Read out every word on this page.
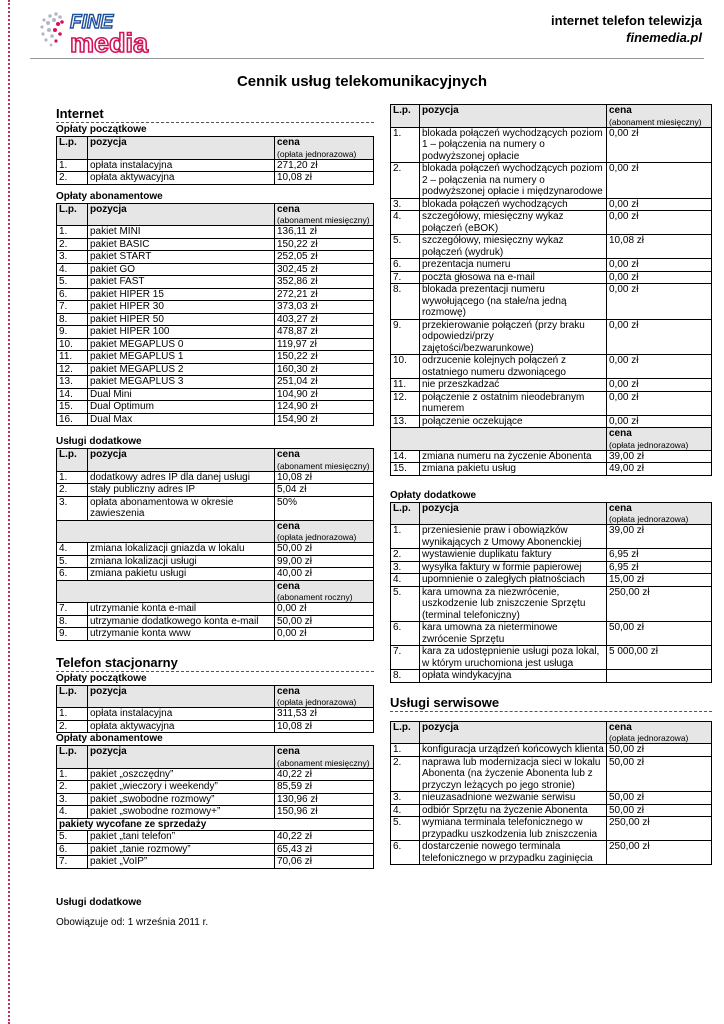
FINE
media
internet telefon telewizja
finemedia.pl
Cennik usług telekomunikacyjnych
Internet
Opłaty początkowe
L.p.	pozycja	cena
(opłata jednorazowa)

1.	opłata instalacyjna	271,20 zł
2.	opłata aktywacyjna	10,08 zł
Opłaty abonamentowe
L.p.	pozycja	cena
(abonament miesięczny)

1.	pakiet MINI	136,11 zł
2.	pakiet BASIC	150,22 zł
3.	pakiet START	252,05 zł
4.	pakiet GO	302,45 zł
5.	pakiet FAST	352,86 zł
6.	pakiet HIPER 15	272,21 zł
7.	pakiet HIPER 30	373,03 zł
8.	pakiet HIPER 50	403,27 zł
9.	pakiet HIPER 100	478,87 zł
10.	pakiet MEGAPLUS 0	119,97 zł
11.	pakiet MEGAPLUS 1	150,22 zł
12.	pakiet MEGAPLUS 2	160,30 zł
13.	pakiet MEGAPLUS 3	251,04 zł
14.	Dual Mini	104,90 zł
15.	Dual Optimum	124,90 zł
16.	Dual Max	154,90 zł
Usługi dodatkowe
L.p.	pozycja	cena
(abonament miesięczny)

1.	dodatkowy adres IP dla danej usługi	10,08 zł
2.	stały publiczny adres IP	5,04 zł
3.	opłata abonamentowa w okresie zawieszenia	50%
		cena
(opłata jednorazowa)

4.	zmiana lokalizacji gniazda w lokalu	50,00 zł
5.	zmiana lokalizacji usługi	99,00 zł
6.	zmiana pakietu usługi	40,00 zł
		cena
(abonament roczny)

7.	utrzymanie konta e-mail	0,00 zł
8.	utrzymanie dodatkowego konta e-mail	50,00 zł
9.	utrzymanie konta www	0,00 zł
Telefon stacjonarny
Opłaty początkowe
L.p.	pozycja	cena
(opłata jednorazowa)

1.	opłata instalacyjna	311,53 zł
2.	opłata aktywacyjna	10,08 zł
Opłaty abonamentowe
L.p.	pozycja	cena
(abonament miesięczny)

1.	pakiet „oszczędny”	40,22 zł
2.	pakiet „wieczory i weekendy”	85,59 zł
3.	pakiet „swobodne rozmowy”	130,96 zł
4.	pakiet „swobodne rozmowy+”	150,96 zł
pakiety wycofane ze sprzedaży		
5.	pakiet „tani telefon”	40,22 zł
6.	pakiet „tanie rozmowy”	65,43 zł
7.	pakiet „VoIP”	70,06 zł
Usługi dodatkowe
Obowiązuje od: 1 września 2011 r.
L.p.	pozycja	cena
(abonament miesięczny)

1.	blokada połączeń wychodzących poziom 1 – połączenia na numery o podwyższonej opłacie	0,00 zł
2.	blokada połączeń wychodzących poziom 2 – połączenia na numery o podwyższonej opłacie i międzynarodowe	0,00 zł
3.	blokada połączeń wychodzących	0,00 zł
4.	szczegółowy, miesięczny wykaz połączeń (eBOK)	0,00 zł
5.	szczegółowy, miesięczny wykaz połączeń (wydruk)	10,08 zł
6.	prezentacja numeru	0,00 zł
7.	poczta głosowa na e-mail	0,00 zł
8.	blokada prezentacji numeru wywołującego (na stałe/na jedną rozmowę)	0,00 zł
9.	przekierowanie połączeń (przy braku odpowiedzi/przy zajętości/bezwarunkowe)	0,00 zł
10.	odrzucenie kolejnych połączeń z ostatniego numeru dzwoniącego	0,00 zł
11.	nie przeszkadzać	0,00 zł
12.	połączenie z ostatnim nieodebranym numerem	0,00 zł
13.	połączenie oczekujące	0,00 zł
		cena
(opłata jednorazowa)

14.	zmiana numeru na życzenie Abonenta	39,00 zł
15.	zmiana pakietu usług	49,00 zł
Opłaty dodatkowe
L.p.	pozycja	cena
(opłata jednorazowa)

1.	przeniesienie praw i obowiązków wynikających z Umowy Abonenckiej	39,00 zł
2.	wystawienie duplikatu faktury	6,95 zł
3.	wysyłka faktury w formie papierowej	6,95 zł
4.	upomnienie o zaległych płatnościach	15,00 zł
5.	kara umowna za niezwrócenie, uszkodzenie lub zniszczenie Sprzętu (terminal telefoniczny)	250,00 zł
6.	kara umowna za nieterminowe zwrócenie Sprzętu	50,00 zł
7.	kara za udostępnienie usługi poza lokal, w którym uruchomiona jest usługa	5 000,00 zł
8.	opłata windykacyjna	
Usługi serwisowe
L.p.	pozycja	cena
(opłata jednorazowa)

1.	konfiguracja urządzeń końcowych klienta	50,00 zł
2.	naprawa lub modernizacja sieci w lokalu Abonenta (na życzenie Abonenta lub z przyczyn leżących po jego stronie)	50,00 zł
3.	nieuzasadnione wezwanie serwisu	50,00 zł
4.	odbiór Sprzętu na życzenie Abonenta	50,00 zł
5.	wymiana terminala telefonicznego w przypadku uszkodzenia lub zniszczenia	250,00 zł
6.	dostarczenie nowego terminala telefonicznego w przypadku zaginięcia	250,00 zł
